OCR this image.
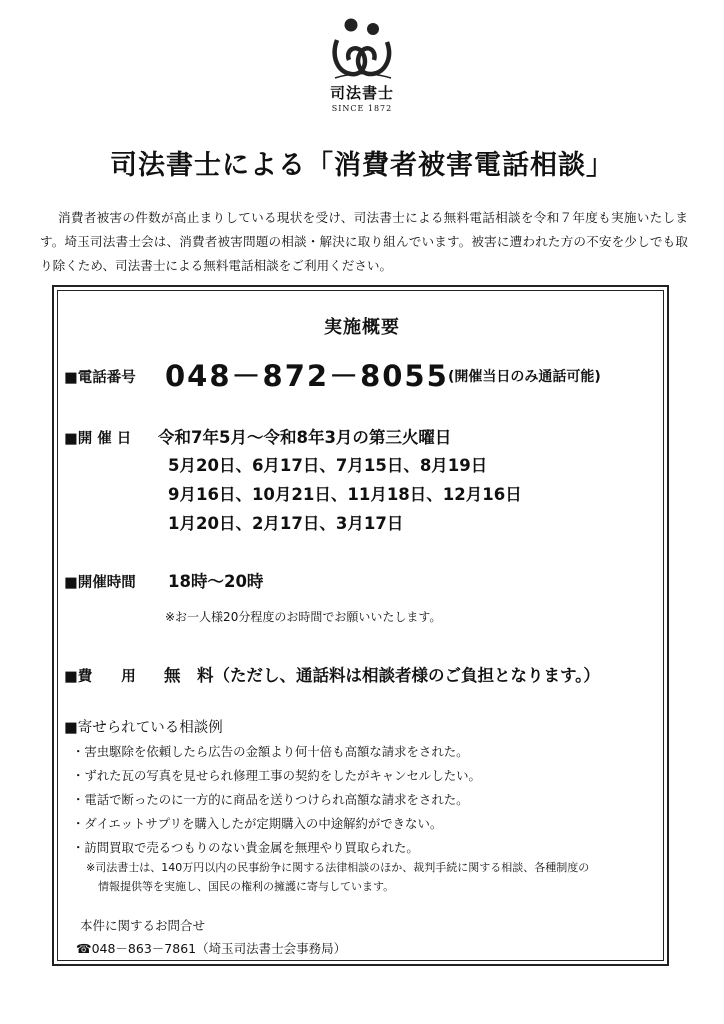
司法書士
SINCE 1872
司法書士による「消費者被害電話相談」
消費者被害の件数が高止まりしている現状を受け、司法書士による無料電話相談を令和７年度も実施いたします。埼玉司法書士会は、消費者被害問題の相談・解決に取り組んでいます。被害に遭われた方の不安を少しでも取り除くため、司法書士による無料電話相談をご利用ください。
実施概要
■電話番号 048－872－8055 (開催当日のみ通話可能)
■開 催 日 令和7年5月～令和8年3月の第三火曜日
5月20日、6月17日、7月15日、8月19日
9月16日、10月21日、11月18日、12月16日
1月20日、2月17日、3月17日
■開催時間 18時～20時
※お一人様20分程度のお時間でお願いいたします。
■費　　用 無　料（ただし、通話料は相談者様のご負担となります。）
■寄せられている相談例
・害虫駆除を依頼したら広告の金額より何十倍も高額な請求をされた。
・ずれた瓦の写真を見せられ修理工事の契約をしたがキャンセルしたい。
・電話で断ったのに一方的に商品を送りつけられ高額な請求をされた。
・ダイエットサプリを購入したが定期購入の中途解約ができない。
・訪問買取で売るつもりのない貴金属を無理やり買取られた。
※司法書士は、140万円以内の民事紛争に関する法律相談のほか、裁判手続に関する相談、各種制度の
情報提供等を実施し、国民の権利の擁護に寄与しています。
本件に関するお問合せ
☎048－863－7861（埼玉司法書士会事務局）
